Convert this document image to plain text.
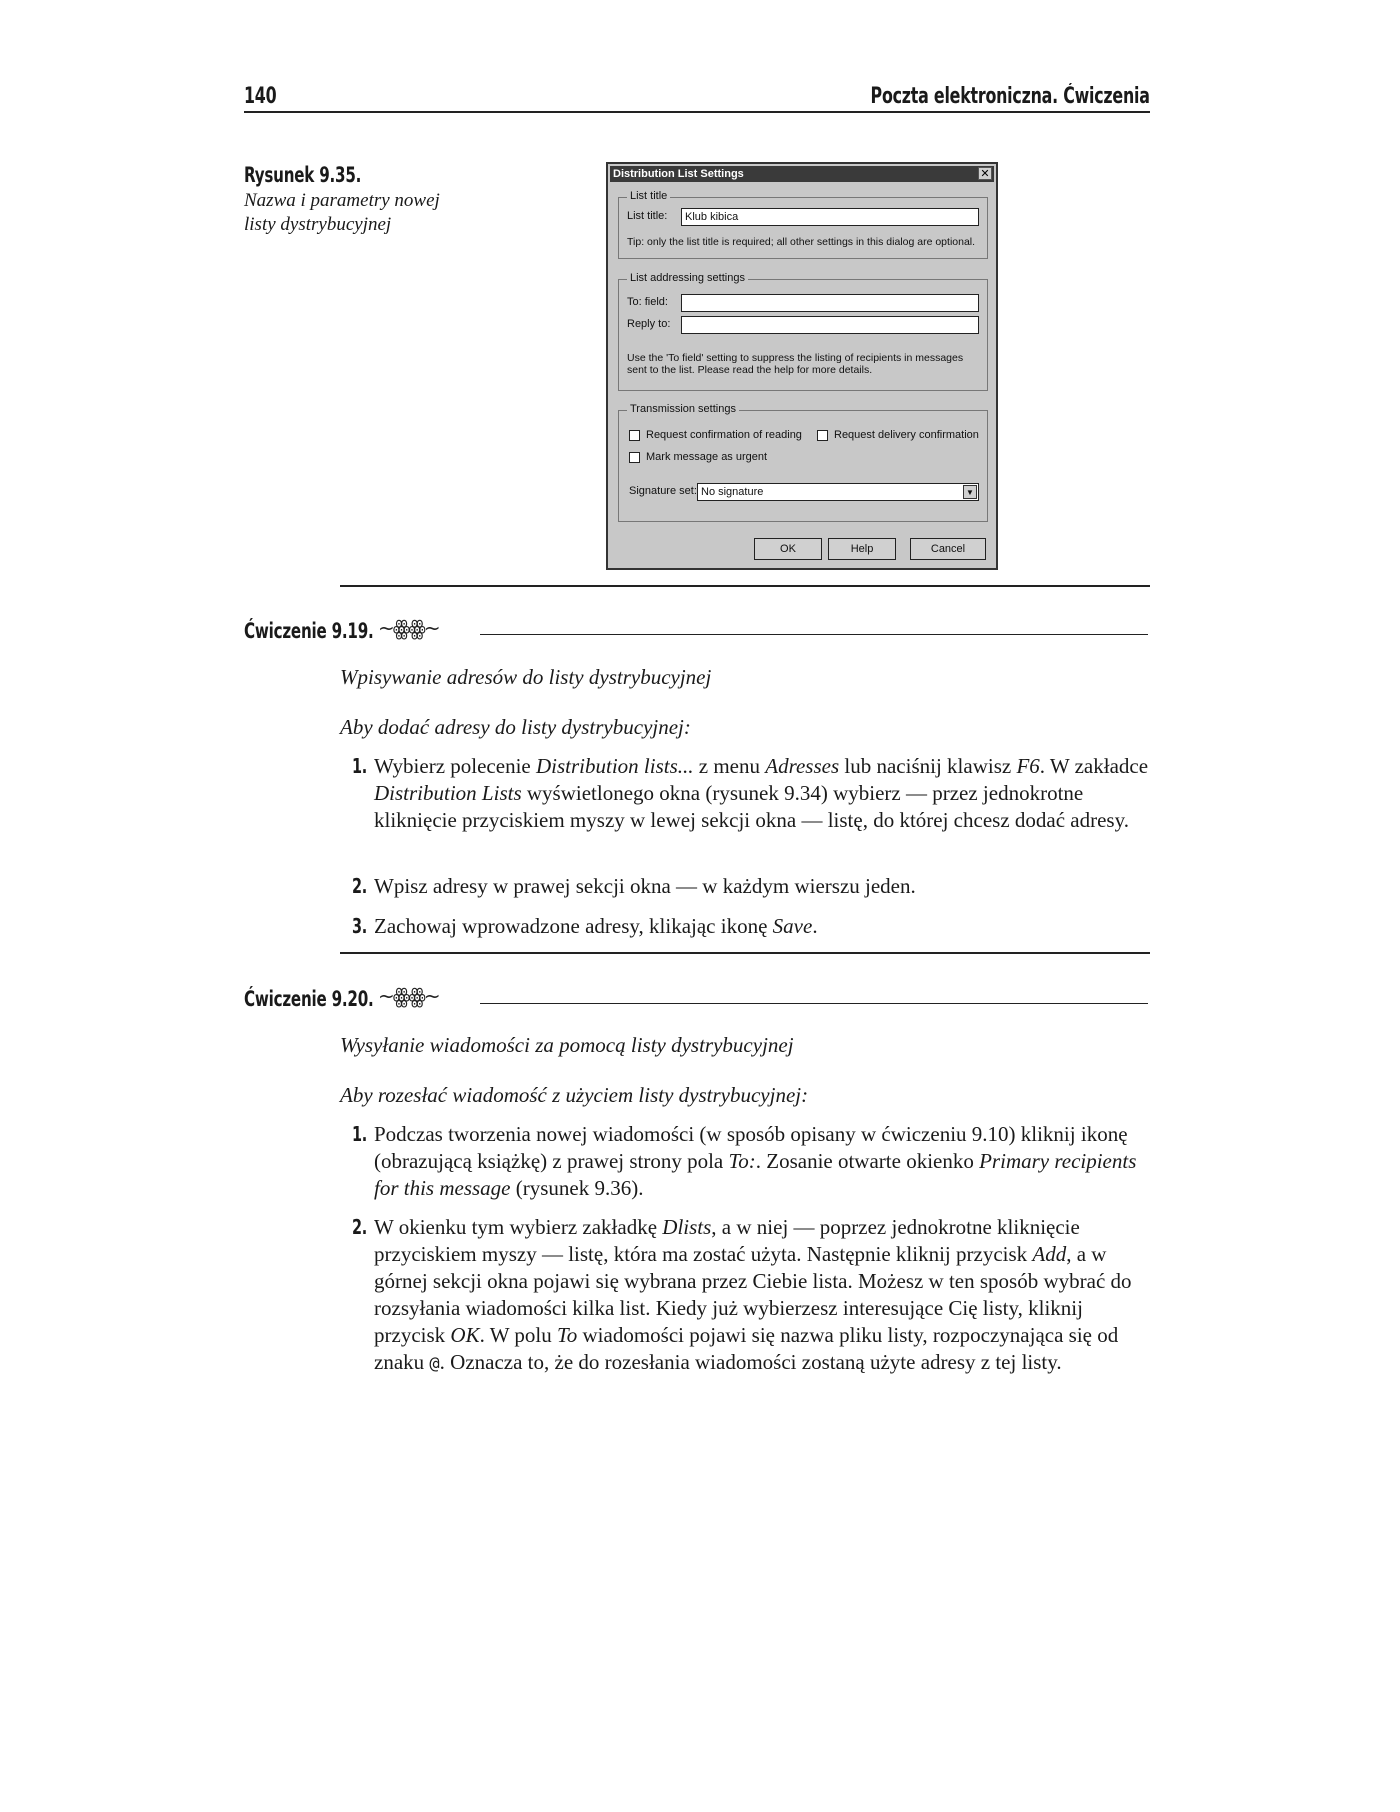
140	Poczta elektroniczna. Ćwiczenia
Rysunek 9.35.
Nazwa i parametry nowej listy dystrybucyjnej
Distribution List Settings	✕
List title
List title:	Klub kibica
Tip: only the list title is required; all other settings in this dialog are optional.
List addressing settings
To: field:
Reply to:
Use the 'To field' setting to suppress the listing of recipients in messages
sent to the list. Please read the help for more details.
Transmission settings
Request confirmation of reading	Request delivery confirmation
Mark message as urgent
Signature set: No signature	▼
OK	Help	Cancel
Ćwiczenie 9.19. ~ꙮꙮ~
Wpisywanie adresów do listy dystrybucyjnej
Aby dodać adresy do listy dystrybucyjnej:
1. Wybierz polecenie Distribution lists... z menu Adresses lub naciśnij klawisz F6. W zakładce Distribution Lists wyświetlonego okna (rysunek 9.34) wybierz — przez jednokrotne kliknięcie przyciskiem myszy w lewej sekcji okna — listę, do której chcesz dodać adresy.
2. Wpisz adresy w prawej sekcji okna — w każdym wierszu jeden.
3. Zachowaj wprowadzone adresy, klikając ikonę Save.
Ćwiczenie 9.20. ~ꙮꙮ~
Wysyłanie wiadomości za pomocą listy dystrybucyjnej
Aby rozesłać wiadomość z użyciem listy dystrybucyjnej:
1. Podczas tworzenia nowej wiadomości (w sposób opisany w ćwiczeniu 9.10) kliknij ikonę (obrazującą książkę) z prawej strony pola To:. Zosanie otwarte okienko Primary recipients for this message (rysunek 9.36).
2. W okienku tym wybierz zakładkę Dlists, a w niej — poprzez jednokrotne kliknięcie przyciskiem myszy — listę, która ma zostać użyta. Następnie kliknij przycisk Add, a w górnej sekcji okna pojawi się wybrana przez Ciebie lista. Możesz w ten sposób wybrać do rozsyłania wiadomości kilka list. Kiedy już wybierzesz interesujące Cię listy, kliknij przycisk OK. W polu To wiadomości pojawi się nazwa pliku listy, rozpoczynająca się od znaku @. Oznacza to, że do rozesłania wiadomości zostaną użyte adresy z tej listy.
